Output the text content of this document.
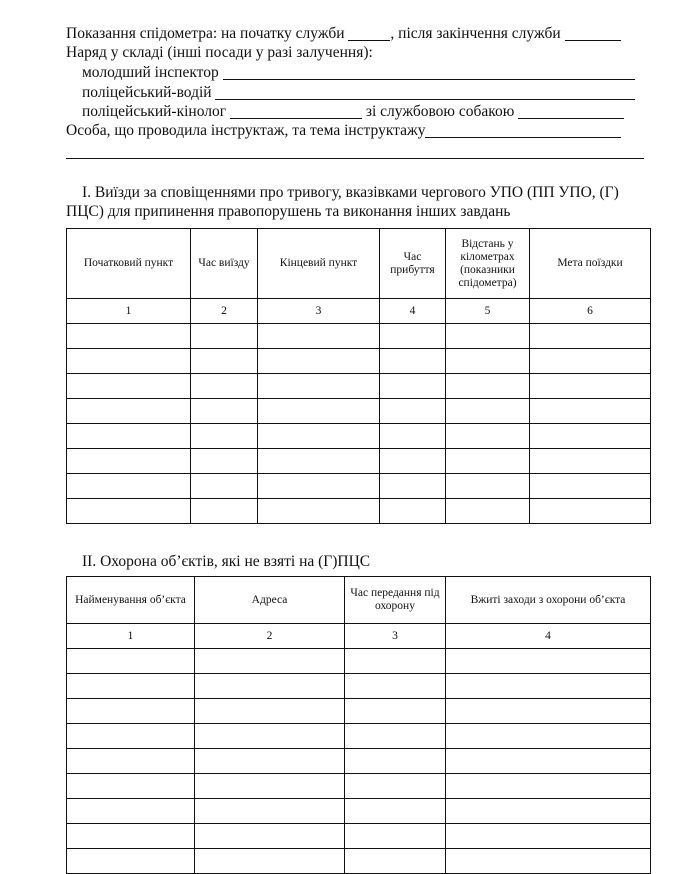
Показання спідометра: на початку служби	, після закінчення служби
Наряд у складі (інші посади у разі залучення):
молодший інспектор
поліцейський-водій
поліцейський-кінолог	зі службовою собакою
Особа, що проводила інструктаж, та тема інструктажу
I. Виїзди за сповіщеннями про тривогу, вказівками чергового УПО (ПП УПО, (Г) ПЦС) для припинення правопорушень та виконання інших завдань
Початковий пункт	Час виїзду	Кінцевий пункт	Час прибуття	Відстань у кілометрах (показники спідометра)	Мета поїздки
1	2	3	4	5	6

II. Охорона об’єктів, які не взяті на (Г)ПЦС
Найменування об’єкта	Адреса	Час передання під охорону	Вжиті заходи з охорони об’єкта
1	2	3	4
